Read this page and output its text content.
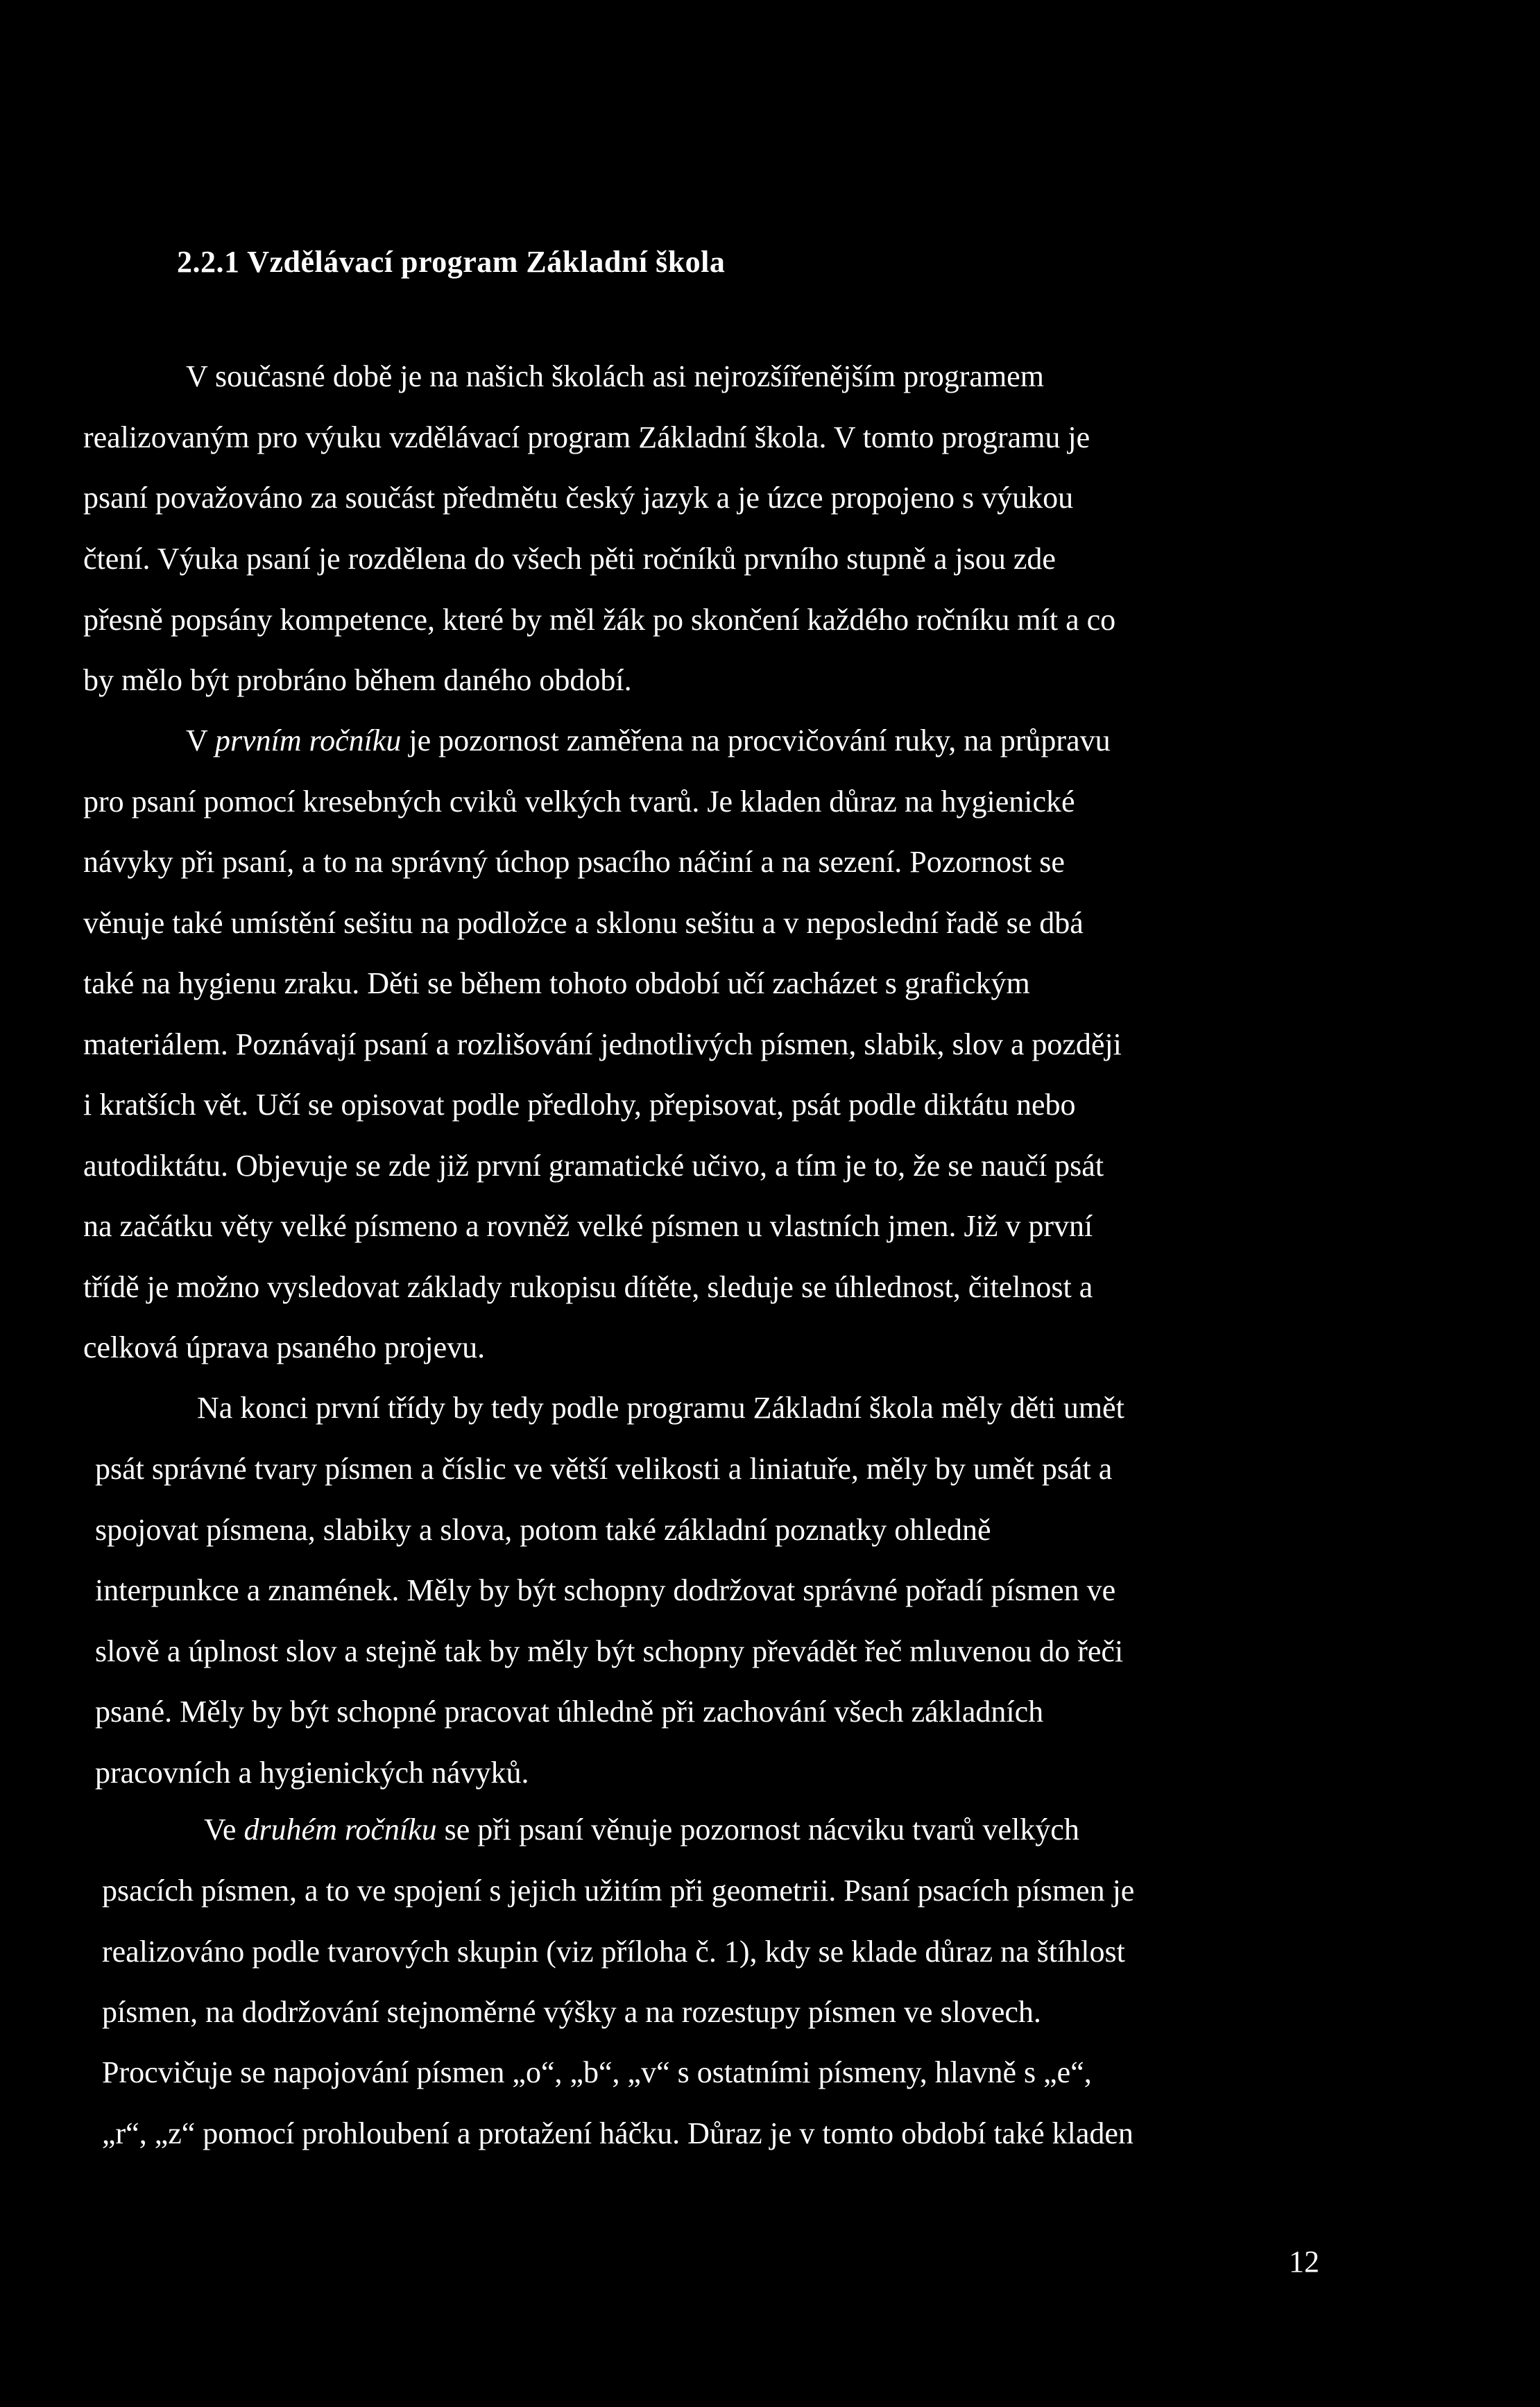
2.2.1 Vzdělávací program Základní škola
V současné době je na našich školách asi nejrozšířenějším programem
realizovaným pro výuku vzdělávací program Základní škola. V tomto programu je
psaní považováno za součást předmětu český jazyk a je úzce propojeno s výukou
čtení. Výuka psaní je rozdělena do všech pěti ročníků prvního stupně a jsou zde
přesně popsány kompetence, které by měl žák po skončení každého ročníku mít a co
by mělo být probráno během daného období.
V prvním ročníku je pozornost zaměřena na procvičování ruky, na průpravu
pro psaní pomocí kresebných cviků velkých tvarů. Je kladen důraz na hygienické
návyky při psaní, a to na správný úchop psacího náčiní a na sezení. Pozornost se
věnuje také umístění sešitu na podložce a sklonu sešitu a v neposlední řadě se dbá
také na hygienu zraku. Děti se během tohoto období učí zacházet s grafickým
materiálem. Poznávají psaní a rozlišování jednotlivých písmen, slabik, slov a později
i kratších vět. Učí se opisovat podle předlohy, přepisovat, psát podle diktátu nebo
autodiktátu. Objevuje se zde již první gramatické učivo, a tím je to, že se naučí psát
na začátku věty velké písmeno a rovněž velké písmen u vlastních jmen. Již v první
třídě je možno vysledovat základy rukopisu dítěte, sleduje se úhlednost, čitelnost a
celková úprava psaného projevu.
Na konci první třídy by tedy podle programu Základní škola měly děti umět
psát správné tvary písmen a číslic ve větší velikosti a liniatuře, měly by umět psát a
spojovat písmena, slabiky a slova, potom také základní poznatky ohledně
interpunkce a znamének. Měly by být schopny dodržovat správné pořadí písmen ve
slově a úplnost slov a stejně tak by měly být schopny převádět řeč mluvenou do řeči
psané. Měly by být schopné pracovat úhledně při zachování všech základních
pracovních a hygienických návyků.
Ve druhém ročníku se při psaní věnuje pozornost nácviku tvarů velkých
psacích písmen, a to ve spojení s jejich užitím při geometrii. Psaní psacích písmen je
realizováno podle tvarových skupin (viz příloha č. 1), kdy se klade důraz na štíhlost
písmen, na dodržování stejnoměrné výšky a na rozestupy písmen ve slovech.
Procvičuje se napojování písmen „o“, „b“, „v“ s ostatními písmeny, hlavně s „e“,
„r“, „z“ pomocí prohloubení a protažení háčku. Důraz je v tomto období také kladen
12
